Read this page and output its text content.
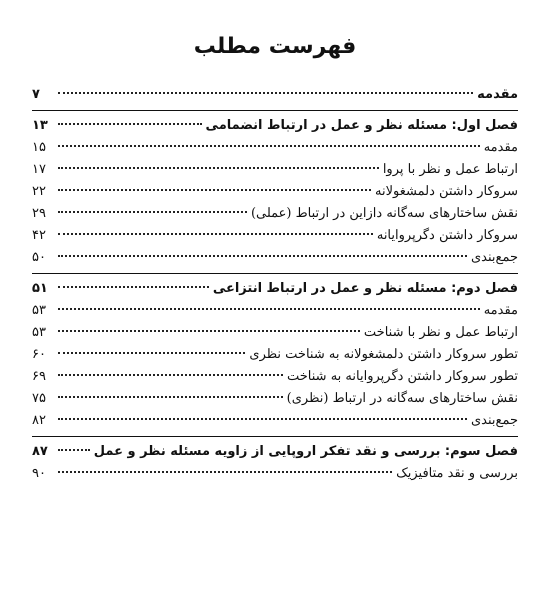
فهرست مطلب
مقدمه
۷
فصل اول: مسئله نظر و عمل در ارتباط انضمامی
۱۳
مقدمه
۱۵
ارتباط عمل و نظر با پروا
۱۷
سروکار داشتن دلمشغولانه
۲۲
نقش ساختارهای سه‌گانه دازاین در ارتباط (عملی)
۲۹
سروکار داشتن دگرپروایانه
۴۲
جمع‌بندی
۵۰
فصل دوم: مسئله نظر و عمل در ارتباط انتزاعی
۵۱
مقدمه
۵۳
ارتباط عمل و نظر با شناخت
۵۳
تطور سروکار داشتن دلمشغولانه به شناخت نظری
۶۰
تطور سروکار داشتن دگرپروایانه به شناخت
۶۹
نقش ساختارهای سه‌گانه در ارتباط (نظری)
۷۵
جمع‌بندی
۸۲
فصل سوم: بررسی و نقد تفکر اروپایی از زاویه مسئله نظر و عمل
۸۷
بررسی و نقد متافیزیک
۹۰
